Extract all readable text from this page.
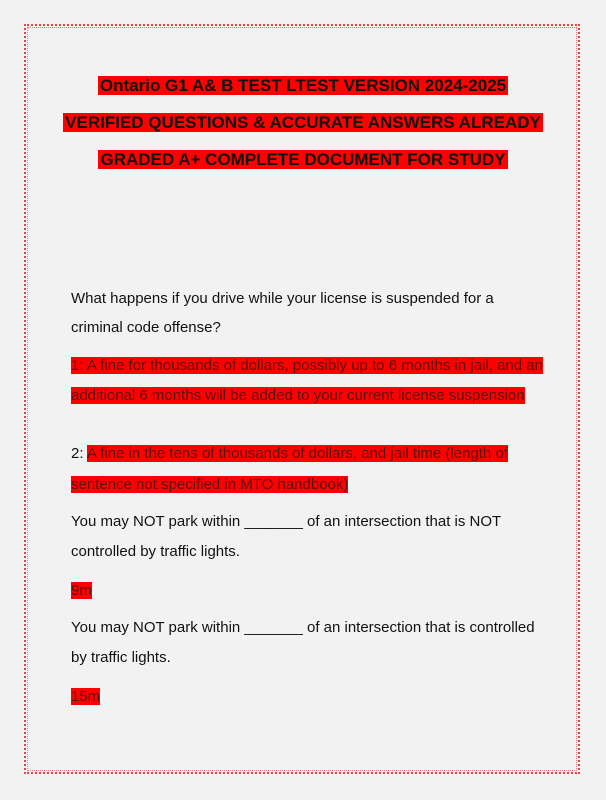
Ontario G1 A& B TEST LTEST VERSION 2024-2025
VERIFIED QUESTIONS & ACCURATE ANSWERS ALREADY
GRADED A+ COMPLETE DOCUMENT FOR STUDY
What happens if you drive while your license is suspended for a
criminal code offense?
1: A fine for thousands of dollars, possibly up to 6 months in jail, and an
additional 6 months will be added to your current license suspension
2: A fine in the tens of thousands of dollars, and jail time (length of
sentence not specified in MTO handbook)
You may NOT park within _______ of an intersection that is NOT
controlled by traffic lights.
9m
You may NOT park within _______ of an intersection that is controlled
by traffic lights.
15m
